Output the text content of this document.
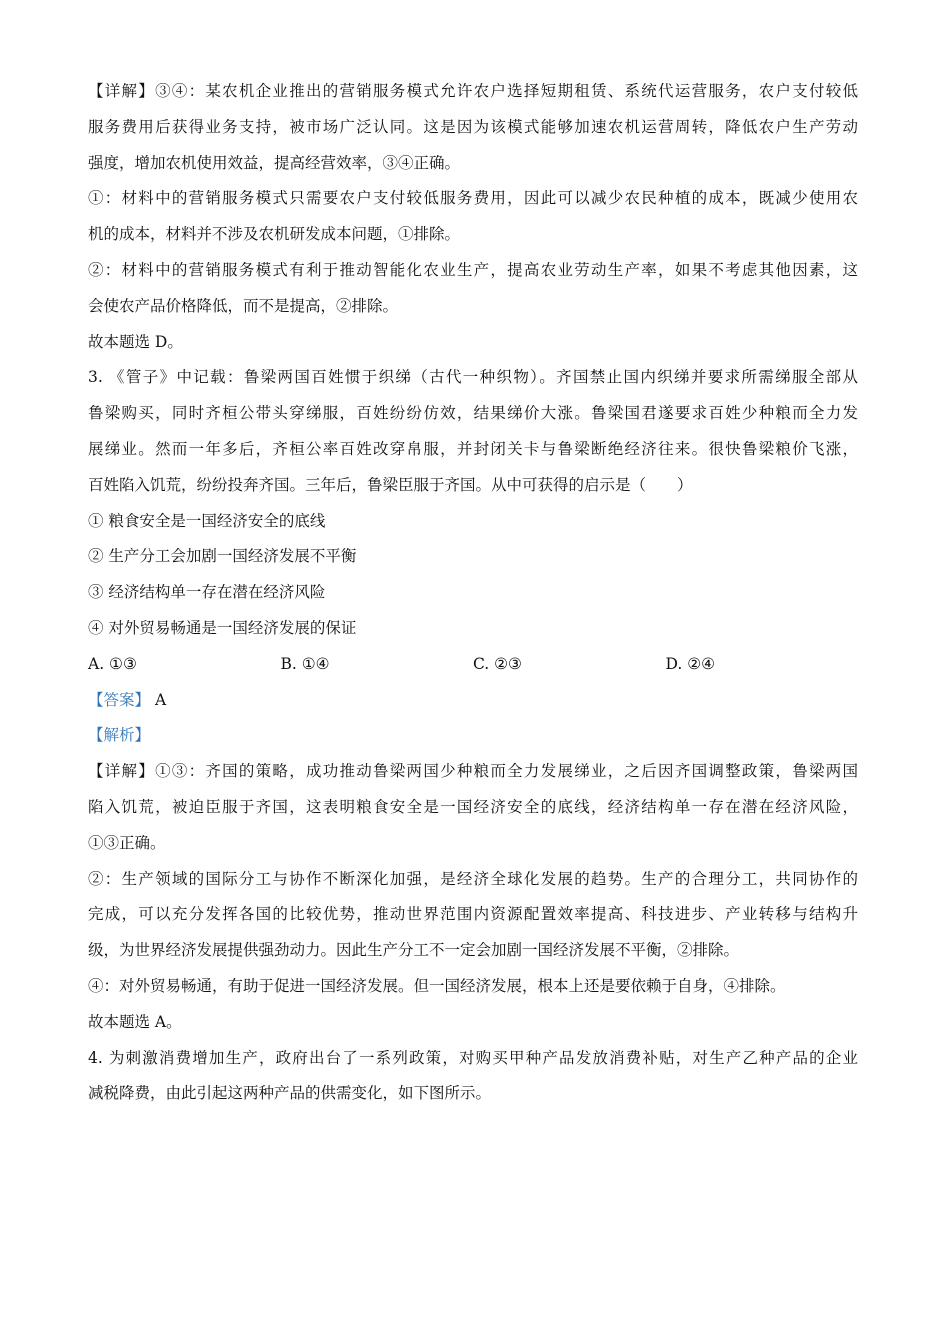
【详解】③④：某农机企业推出的营销服务模式允许农户选择短期租赁、系统代运营服务，农户支付较低
服务费用后获得业务支持，被市场广泛认同。这是因为该模式能够加速农机运营周转，降低农户生产劳动
强度，增加农机使用效益，提高经营效率，③④正确。
①：材料中的营销服务模式只需要农户支付较低服务费用，因此可以减少农民种植的成本，既减少使用农
机的成本，材料并不涉及农机研发成本问题，①排除。
②：材料中的营销服务模式有利于推动智能化农业生产，提高农业劳动生产率，如果不考虑其他因素，这
会使农产品价格降低，而不是提高，②排除。
故本题选 D。
3. 《管子》中记载：鲁梁两国百姓惯于织绨（古代一种织物）。齐国禁止国内织绨并要求所需绨服全部从
鲁梁购买，同时齐桓公带头穿绨服，百姓纷纷仿效，结果绨价大涨。鲁梁国君遂要求百姓少种粮而全力发
展绨业。然而一年多后，齐桓公率百姓改穿帛服，并封闭关卡与鲁梁断绝经济往来。很快鲁梁粮价飞涨，
百姓陷入饥荒，纷纷投奔齐国。三年后，鲁梁臣服于齐国。从中可获得的启示是（　　）
① 粮食安全是一国经济安全的底线
② 生产分工会加剧一国经济发展不平衡
③ 经济结构单一存在潜在经济风险
④ 对外贸易畅通是一国经济发展的保证
A. ①③	B. ①④	C. ②③	D. ②④
【答案】 A
【解析】
【详解】①③：齐国的策略，成功推动鲁梁两国少种粮而全力发展绨业，之后因齐国调整政策，鲁梁两国
陷入饥荒，被迫臣服于齐国，这表明粮食安全是一国经济安全的底线，经济结构单一存在潜在经济风险，
①③正确。
②：生产领域的国际分工与协作不断深化加强，是经济全球化发展的趋势。生产的合理分工，共同协作的
完成，可以充分发挥各国的比较优势，推动世界范围内资源配置效率提高、科技进步、产业转移与结构升
级，为世界经济发展提供强劲动力。因此生产分工不一定会加剧一国经济发展不平衡，②排除。
④：对外贸易畅通，有助于促进一国经济发展。但一国经济发展，根本上还是要依赖于自身，④排除。
故本题选 A。
4. 为刺激消费增加生产，政府出台了一系列政策，对购买甲种产品发放消费补贴，对生产乙种产品的企业
减税降费，由此引起这两种产品的供需变化，如下图所示。
